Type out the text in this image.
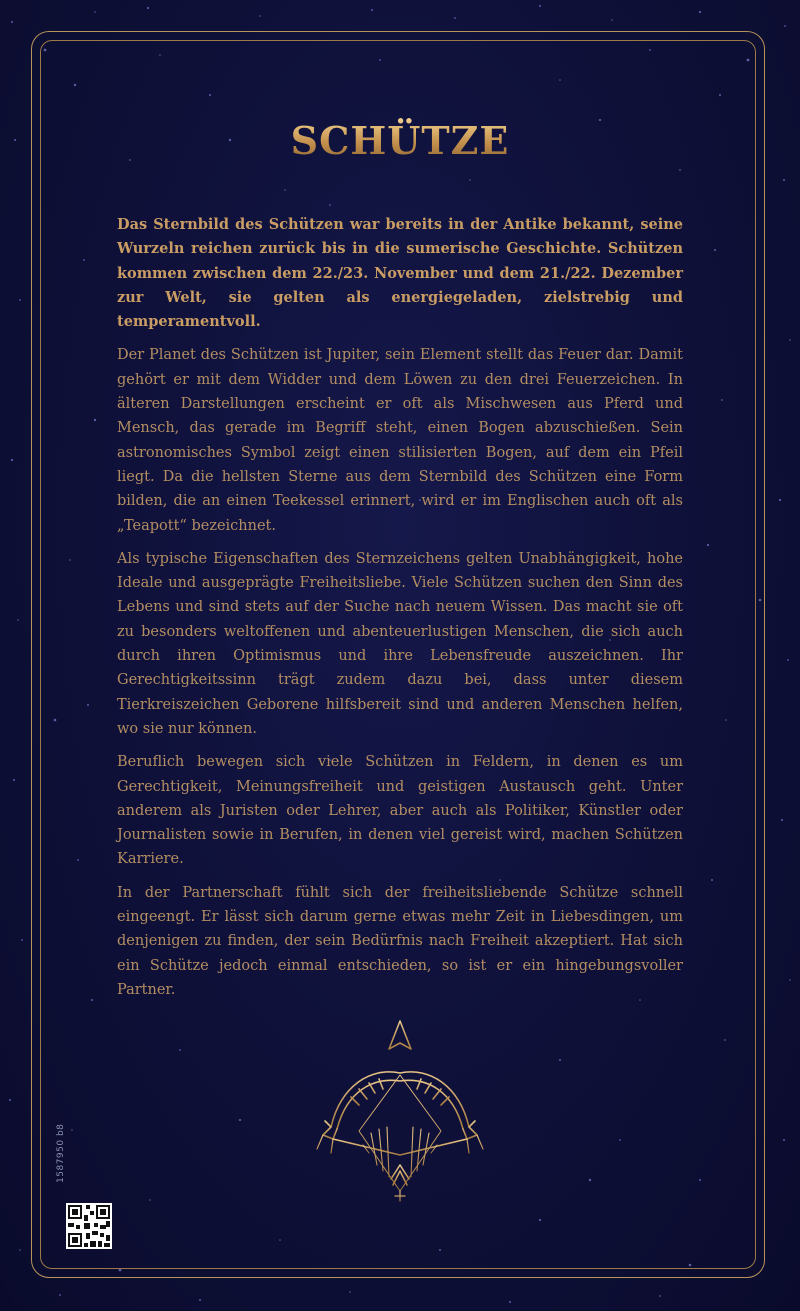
SCHÜTZE

Das Sternbild des Schützen war bereits in der Antike bekannt, seine Wurzeln reichen zurück bis in die sumerische Geschichte. Schützen kommen zwischen dem 22./23. November und dem 21./22. Dezember zur Welt, sie gelten als energiegeladen, zielstrebig und temperamentvoll.

Der Planet des Schützen ist Jupiter, sein Element stellt das Feuer dar. Damit gehört er mit dem Widder und dem Löwen zu den drei Feuerzeichen. In älteren Darstellungen erscheint er oft als Mischwesen aus Pferd und Mensch, das gerade im Begriff steht, einen Bogen abzuschießen. Sein astronomisches Symbol zeigt einen stilisierten Bogen, auf dem ein Pfeil liegt. Da die hellsten Sterne aus dem Sternbild des Schützen eine Form bilden, die an einen Teekessel erinnert, wird er im Englischen auch oft als „Teapott“ bezeichnet.

Als typische Eigenschaften des Sternzeichens gelten Unabhängigkeit, hohe Ideale und ausgeprägte Freiheitsliebe. Viele Schützen suchen den Sinn des Lebens und sind stets auf der Suche nach neuem Wissen. Das macht sie oft zu besonders weltoffenen und abenteuerlustigen Menschen, die sich auch durch ihren Optimismus und ihre Lebensfreude auszeichnen. Ihr Gerechtigkeitssinn trägt zudem dazu bei, dass unter diesem Tierkreiszeichen Geborene hilfsbereit sind und anderen Menschen helfen, wo sie nur können.

Beruflich bewegen sich viele Schützen in Feldern, in denen es um Gerechtigkeit, Meinungsfreiheit und geistigen Austausch geht. Unter anderem als Juristen oder Lehrer, aber auch als Politiker, Künstler oder Journalisten sowie in Berufen, in denen viel gereist wird, machen Schützen Karriere.

In der Partnerschaft fühlt sich der freiheitsliebende Schütze schnell eingeengt. Er lässt sich darum gerne etwas mehr Zeit in Liebesdingen, um denjenigen zu finden, der sein Bedürfnis nach Freiheit akzeptiert. Hat sich ein Schütze jedoch einmal entschieden, so ist er ein hingebungsvoller Partner.

1587950 b8
